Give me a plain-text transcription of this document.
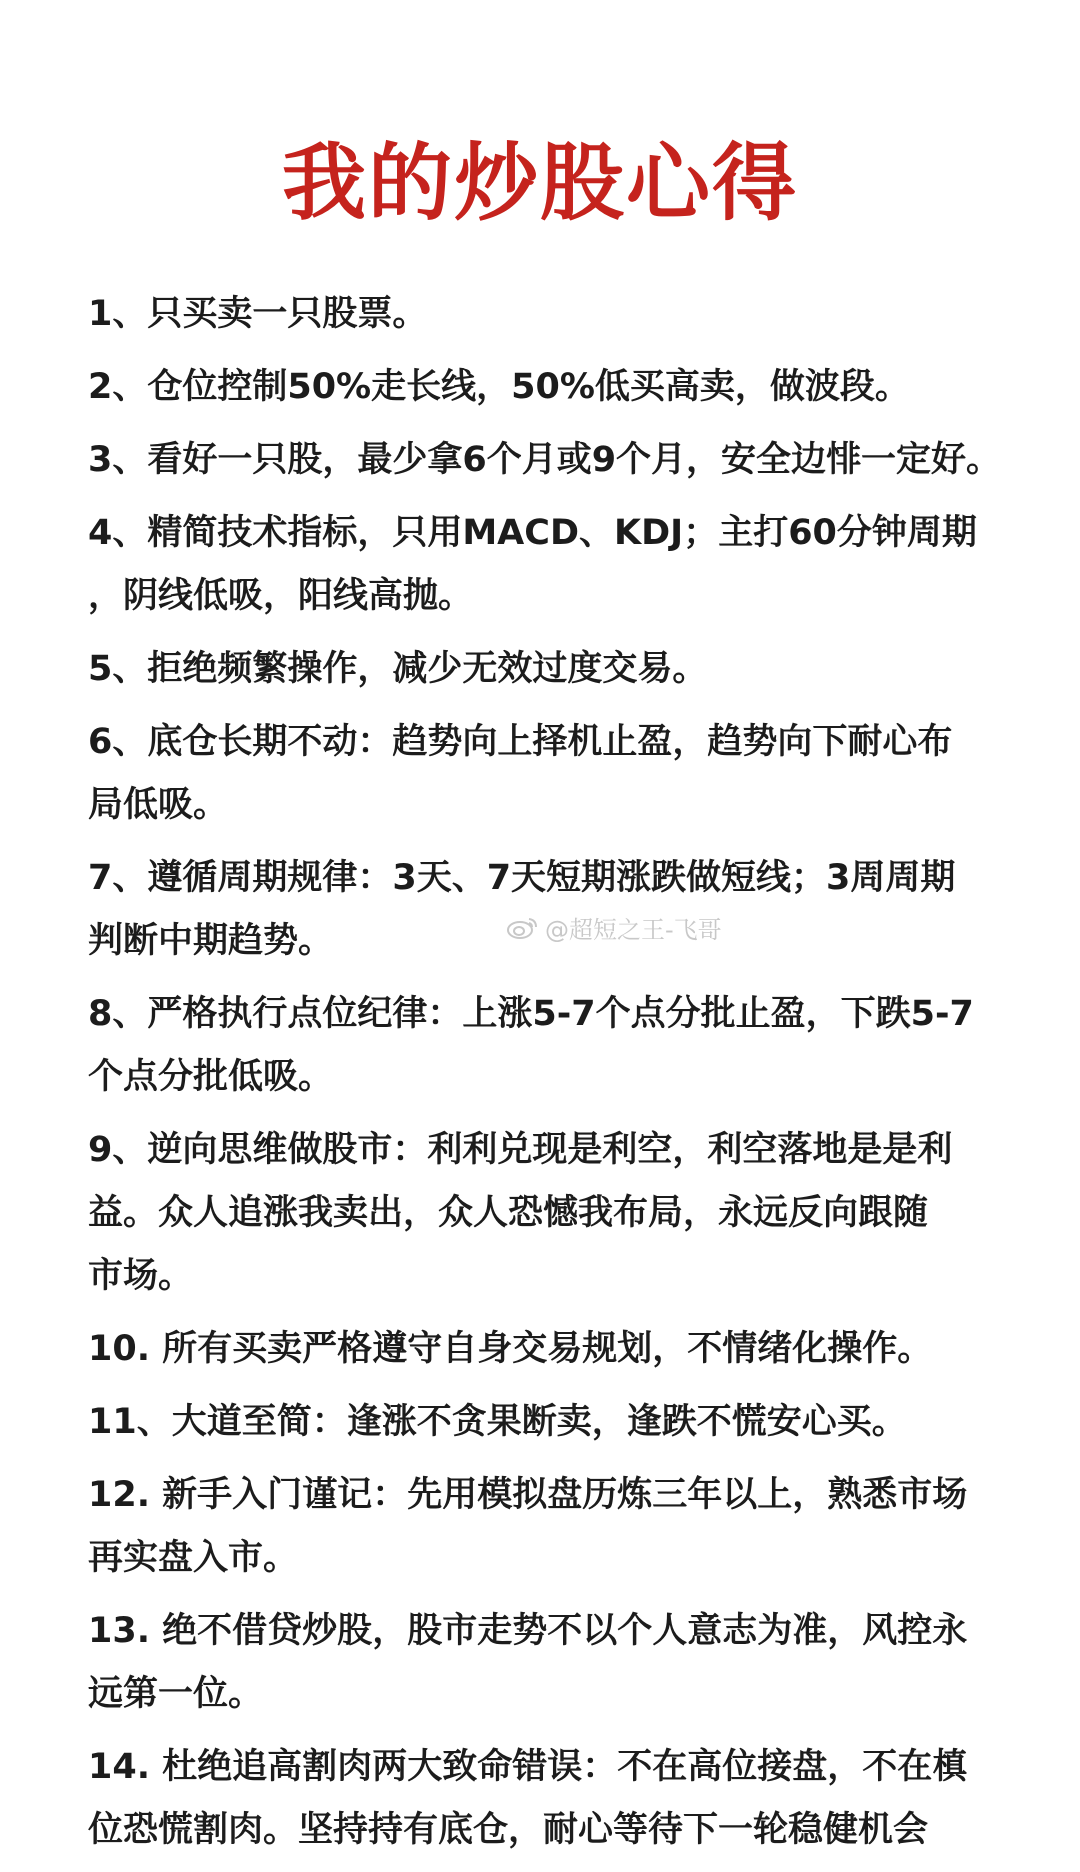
我的炒股心得
1、只买卖一只股票。
2、仓位控制50%走长线，50%低买高卖，做波段。
3、看好一只股，最少拿6个月或9个月，安全边悱一定好。
4、精简技术指标，只用MACD、KDJ；主打60分钟周期
，阴线低吸，阳线高抛。
5、拒绝频繁操作，减少无效过度交易。
6、底仓长期不动：趋势向上择机止盈，趋势向下耐心布
局低吸。
7、遵循周期规律：3天、7天短期涨跌做短线；3周周期
判断中期趋势。
8、严格执行点位纪律：上涨5-7个点分批止盈，下跌5-7
个点分批低吸。
9、逆向思维做股市：利利兑现是利空，利空落地是是利
益。众人追涨我卖出，众人恐憾我布局，永远反向跟随
市场。
10. 所有买卖严格遵守自身交易规划，不情绪化操作。
11、大道至简：逢涨不贪果断卖，逢跌不慌安心买。
12. 新手入门谨记：先用模拟盘历炼三年以上，熟悉市场
再实盘入市。
13. 绝不借贷炒股，股市走势不以个人意志为准，风控永
远第一位。
14. 杜绝追高割肉两大致命错误：不在高位接盘，不在槙
位恐慌割肉。坚持持有底仓，耐心等待下一轮稳健机会
@超短之王-飞哥
